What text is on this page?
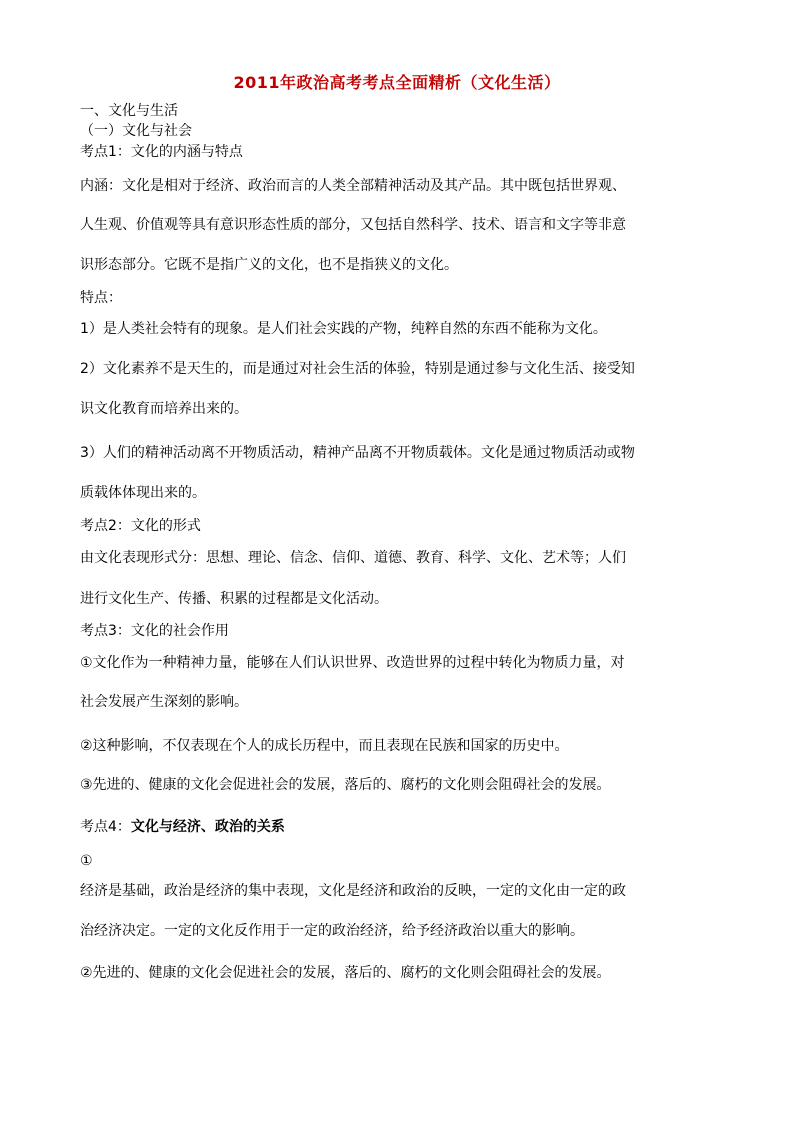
2011年政治高考考点全面精析（文化生活）
一、文化与生活
（一）文化与社会
考点1：文化的内涵与特点
内涵：文化是相对于经济、政治而言的人类全部精神活动及其产品。其中既包括世界观、
人生观、价值观等具有意识形态性质的部分，又包括自然科学、技术、语言和文字等非意
识形态部分。它既不是指广义的文化，也不是指狭义的文化。
特点：
1）是人类社会特有的现象。是人们社会实践的产物，纯粹自然的东西不能称为文化。
2）文化素养不是天生的，而是通过对社会生活的体验，特别是通过参与文化生活、接受知
识文化教育而培养出来的。
3）人们的精神活动离不开物质活动，精神产品离不开物质载体。文化是通过物质活动或物
质载体体现出来的。
考点2：文化的形式
由文化表现形式分：思想、理论、信念、信仰、道德、教育、科学、文化、艺术等；人们
进行文化生产、传播、积累的过程都是文化活动。
考点3：文化的社会作用
①文化作为一种精神力量，能够在人们认识世界、改造世界的过程中转化为物质力量，对
社会发展产生深刻的影响。
②这种影响，不仅表现在个人的成长历程中，而且表现在民族和国家的历史中。
③先进的、健康的文化会促进社会的发展，落后的、腐朽的文化则会阻碍社会的发展。
考点4：文化与经济、政治的关系
①
经济是基础，政治是经济的集中表现，文化是经济和政治的反映，一定的文化由一定的政
治经济决定。一定的文化反作用于一定的政治经济，给予经济政治以重大的影响。
②先进的、健康的文化会促进社会的发展，落后的、腐朽的文化则会阻碍社会的发展。
